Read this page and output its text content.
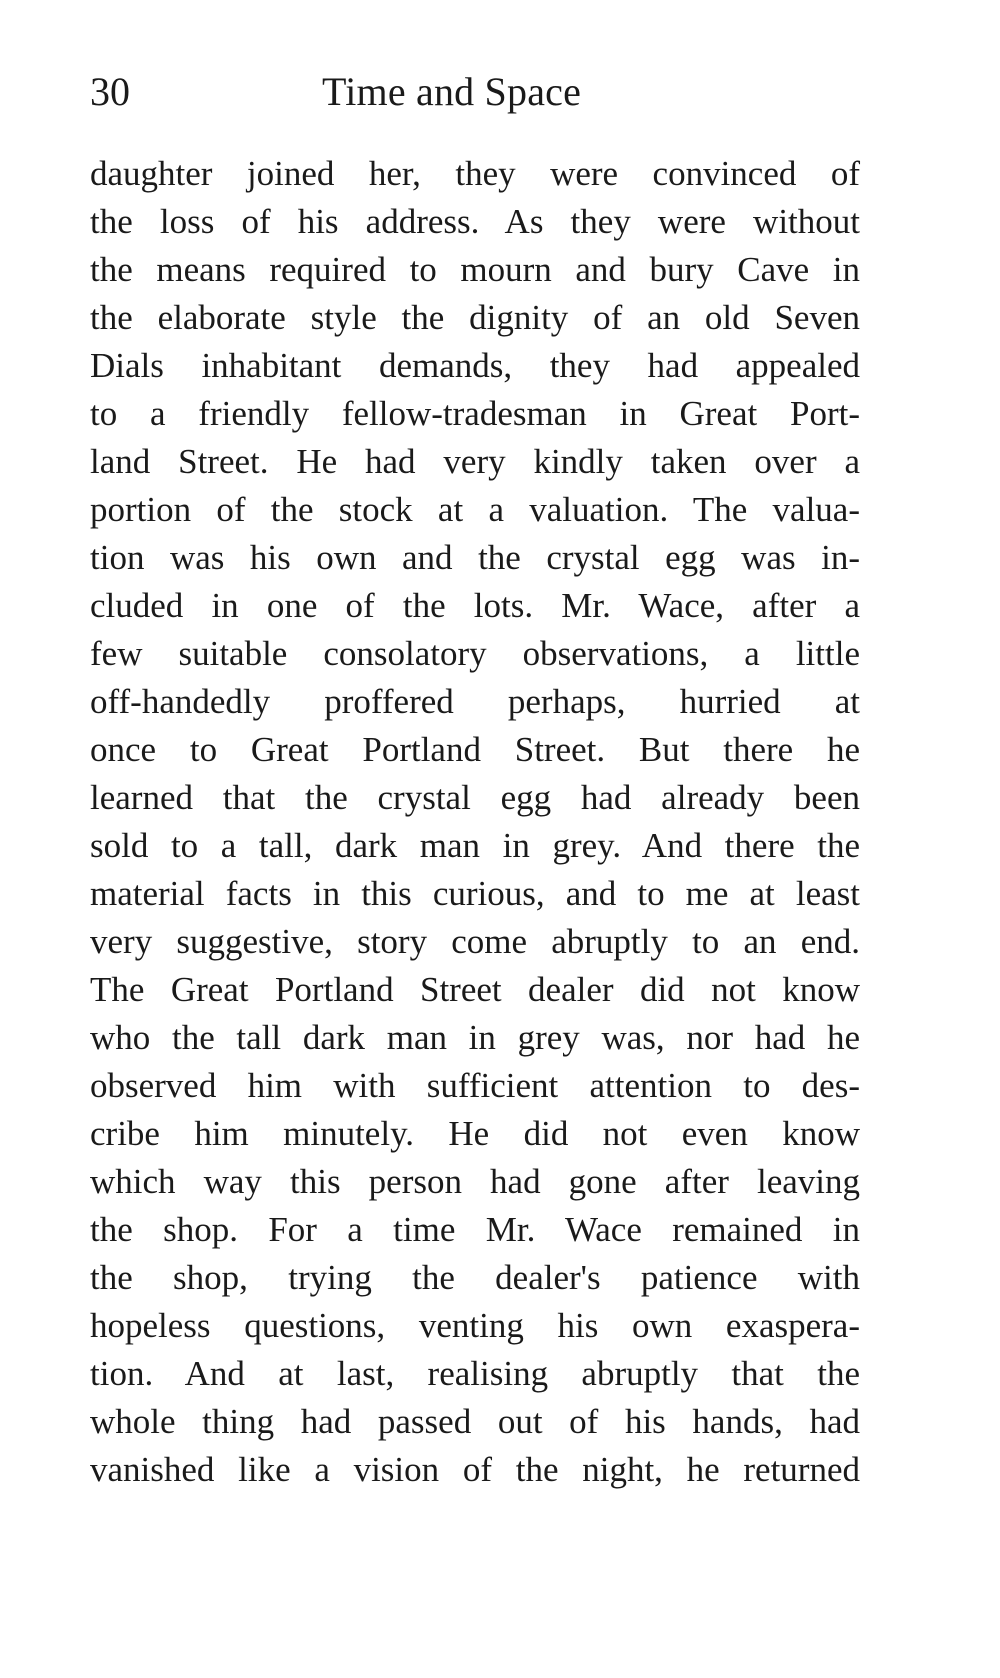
30	Time and Space
daughter joined her, they were convinced of
the loss of his address. As they were without
the means required to mourn and bury Cave in
the elaborate style the dignity of an old Seven
Dials inhabitant demands, they had appealed
to a friendly fellow-tradesman in Great Port-
land Street. He had very kindly taken over a
portion of the stock at a valuation. The valua-
tion was his own and the crystal egg was in-
cluded in one of the lots. Mr. Wace, after a
few suitable consolatory observations, a little
off-handedly proffered perhaps, hurried at
once to Great Portland Street. But there he
learned that the crystal egg had already been
sold to a tall, dark man in grey. And there the
material facts in this curious, and to me at least
very suggestive, story come abruptly to an end.
The Great Portland Street dealer did not know
who the tall dark man in grey was, nor had he
observed him with sufficient attention to des-
cribe him minutely. He did not even know
which way this person had gone after leaving
the shop. For a time Mr. Wace remained in
the shop, trying the dealer's patience with
hopeless questions, venting his own exaspera-
tion. And at last, realising abruptly that the
whole thing had passed out of his hands, had
vanished like a vision of the night, he returned
